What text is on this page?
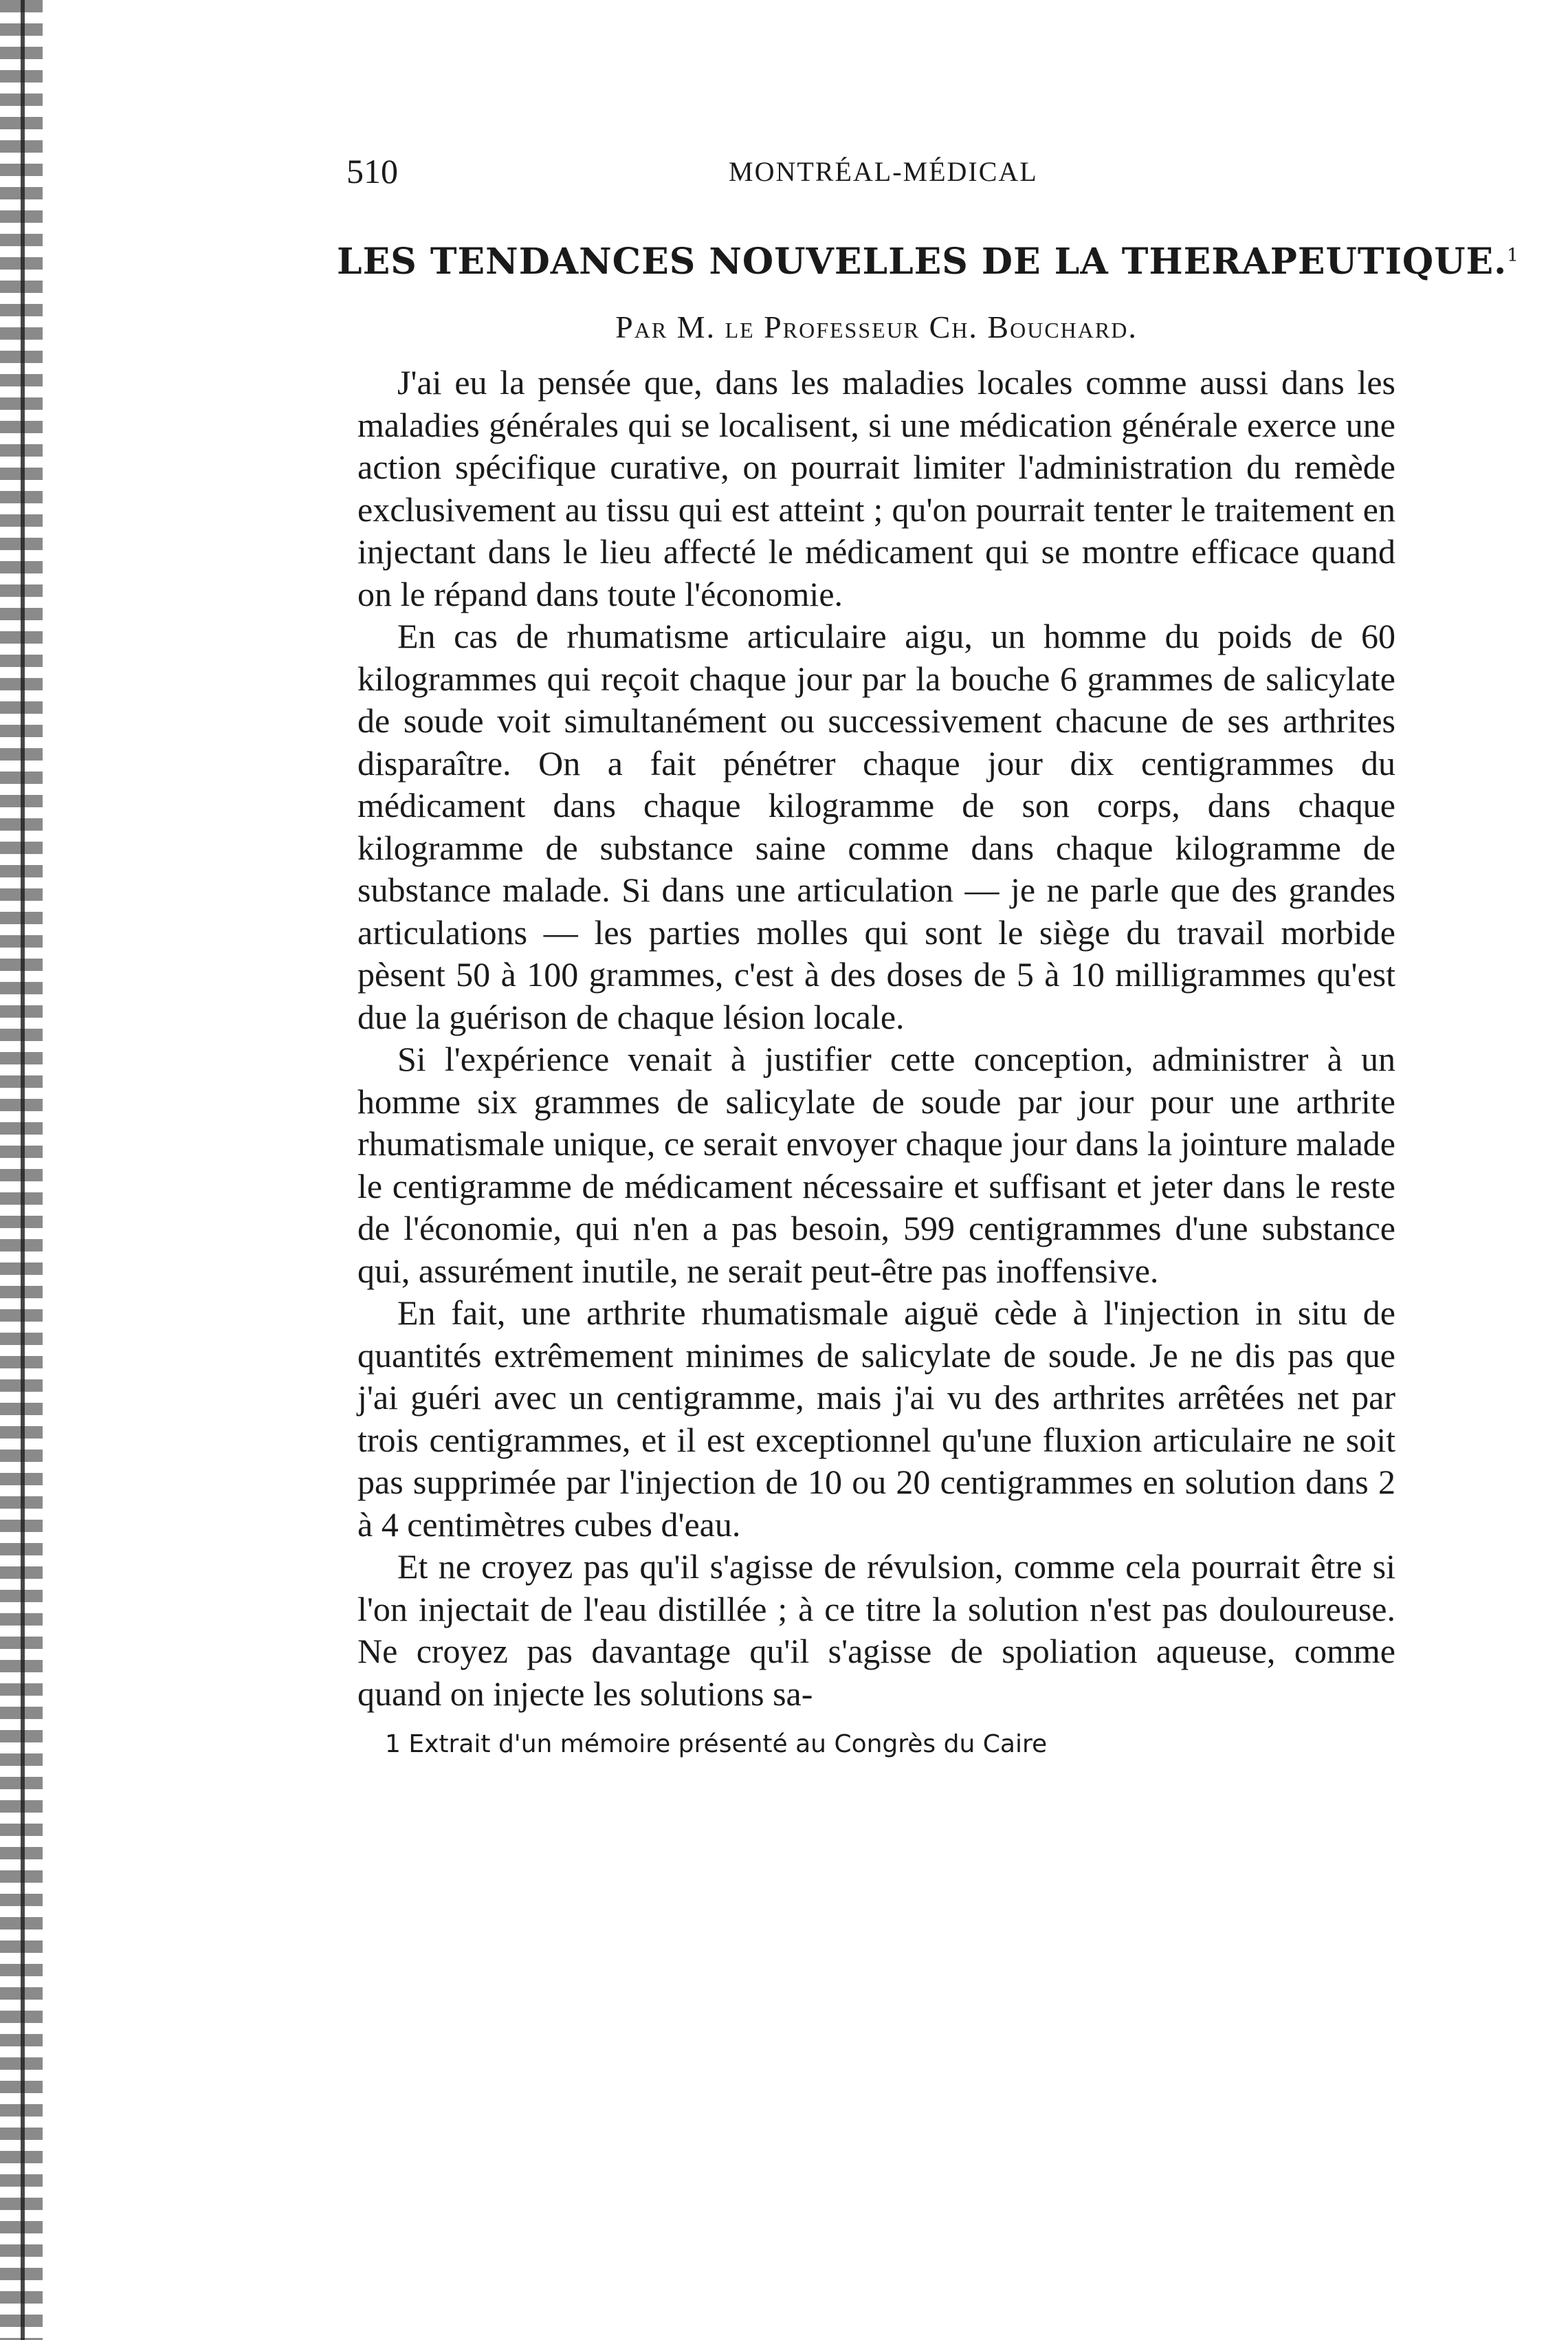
510	MONTRÉAL-MÉDICAL
LES TENDANCES NOUVELLES DE LA THERAPEUTIQUE.$^1$
Par M. le Professeur Ch. Bouchard.

J'ai eu la pensée que, dans les maladies locales comme aussi dans les maladies générales qui se localisent, si une médication générale exerce une action spécifique curative, on pourrait limiter l'administration du remède exclusivement au tissu qui est atteint ; qu'on pourrait tenter le traitement en injectant dans le lieu affecté le médicament qui se montre efficace quand on le répand dans toute l'économie.

En cas de rhumatisme articulaire aigu, un homme du poids de 60 kilogrammes qui reçoit chaque jour par la bouche 6 grammes de salicylate de soude voit simultanément ou successivement chacune de ses arthrites disparaître. On a fait pénétrer chaque jour dix centigrammes du médicament dans chaque kilogramme de son corps, dans chaque kilogramme de substance saine comme dans chaque kilogramme de substance malade. Si dans une articulation — je ne parle que des grandes articulations — les parties molles qui sont le siège du travail morbide pèsent 50 à 100 grammes, c'est à des doses de 5 à 10 milligrammes qu'est due la guérison de chaque lésion locale.

Si l'expérience venait à justifier cette conception, administrer à un homme six grammes de salicylate de soude par jour pour une arthrite rhumatismale unique, ce serait envoyer chaque jour dans la jointure malade le centigramme de médicament nécessaire et suffisant et jeter dans le reste de l'économie, qui n'en a pas besoin, 599 centigrammes d'une substance qui, assurément inutile, ne serait peut-être pas inoffensive.

En fait, une arthrite rhumatismale aiguë cède à l'injection in situ de quantités extrêmement minimes de salicylate de soude. Je ne dis pas que j'ai guéri avec un centigramme, mais j'ai vu des arthrites arrêtées net par trois centigrammes, et il est exceptionnel qu'une fluxion articulaire ne soit pas supprimée par l'injection de 10 ou 20 centigrammes en solution dans 2 à 4 centimètres cubes d'eau.

Et ne croyez pas qu'il s'agisse de révulsion, comme cela pourrait être si l'on injectait de l'eau distillée ; à ce titre la solution n'est pas douloureuse. Ne croyez pas davantage qu'il s'agisse de spoliation aqueuse, comme quand on injecte les solutions sa-

1 Extrait d'un mémoire présenté au Congrès du Caire
